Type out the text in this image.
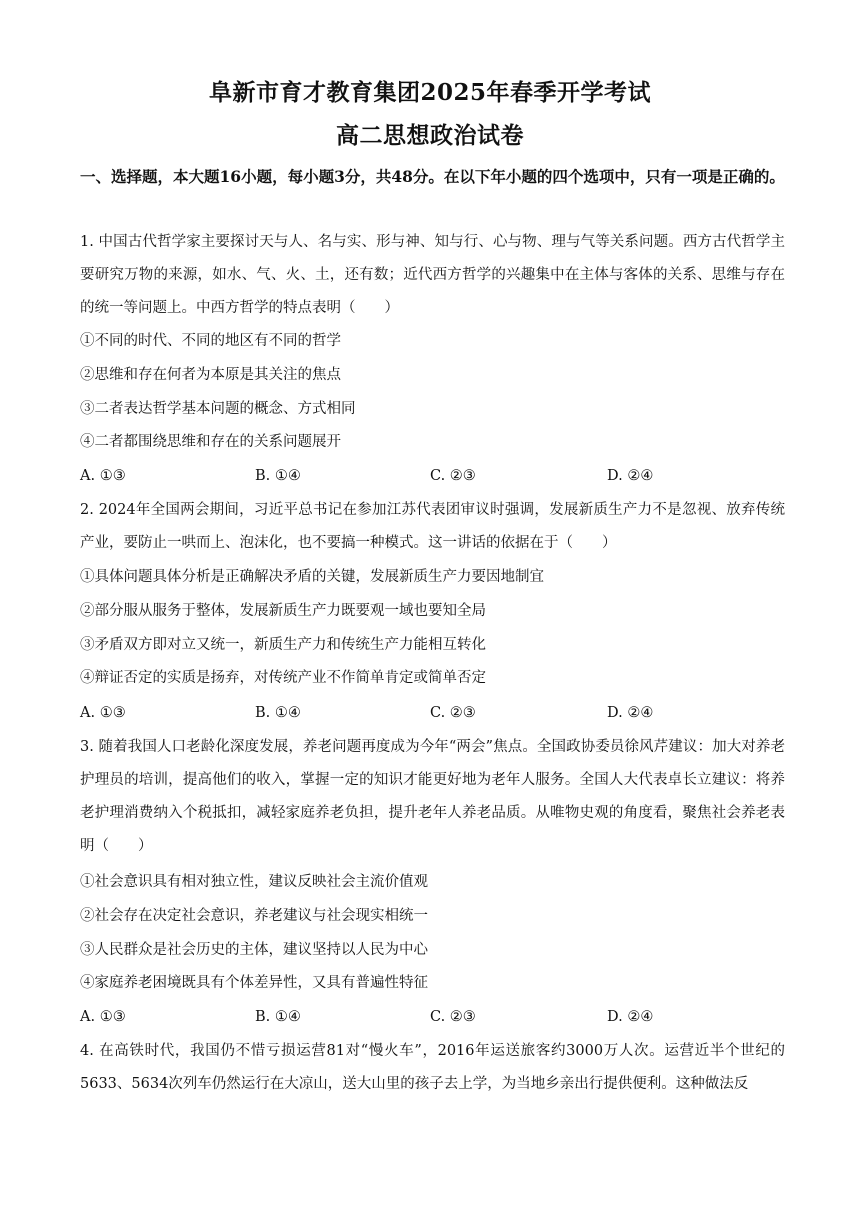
阜新市育才教育集团2025年春季开学考试
高二思想政治试卷
一、选择题，本大题16小题，每小题3分，共48分。在以下年小题的四个选项中，只有一项是正确的。
1. 中国古代哲学家主要探讨天与人、名与实、形与神、知与行、心与物、理与气等关系问题。西方古代哲学主要研究万物的来源，如水、气、火、土，还有数；近代西方哲学的兴趣集中在主体与客体的关系、思维与存在的统一等问题上。中西方哲学的特点表明（　　）
①不同的时代、不同的地区有不同的哲学
②思维和存在何者为本原是其关注的焦点
③二者表达哲学基本问题的概念、方式相同
④二者都围绕思维和存在的关系问题展开
A. ①③	B. ①④	C. ②③	D. ②④
2. 2024年全国两会期间，习近平总书记在参加江苏代表团审议时强调，发展新质生产力不是忽视、放弃传统产业，要防止一哄而上、泡沫化，也不要搞一种模式。这一讲话的依据在于（　　）
①具体问题具体分析是正确解决矛盾的关键，发展新质生产力要因地制宜
②部分服从服务于整体，发展新质生产力既要观一域也要知全局
③矛盾双方即对立又统一，新质生产力和传统生产力能相互转化
④辩证否定的实质是扬弃，对传统产业不作简单肯定或简单否定
A. ①③	B. ①④	C. ②③	D. ②④
3. 随着我国人口老龄化深度发展，养老问题再度成为今年“两会”焦点。全国政协委员徐风芹建议：加大对养老护理员的培训，提高他们的收入，掌握一定的知识才能更好地为老年人服务。全国人大代表卓长立建议：将养老护理消费纳入个税抵扣，减轻家庭养老负担，提升老年人养老品质。从唯物史观的角度看，聚焦社会养老表明（　　）
①社会意识具有相对独立性，建议反映社会主流价值观
②社会存在决定社会意识，养老建议与社会现实相统一
③人民群众是社会历史的主体，建议坚持以人民为中心
④家庭养老困境既具有个体差异性，又具有普遍性特征
A. ①③	B. ①④	C. ②③	D. ②④
4. 在高铁时代，我国仍不惜亏损运营81对“慢火车”，2016年运送旅客约3000万人次。运营近半个世纪的5633、5634次列车仍然运行在大凉山，送大山里的孩子去上学，为当地乡亲出行提供便利。这种做法反
